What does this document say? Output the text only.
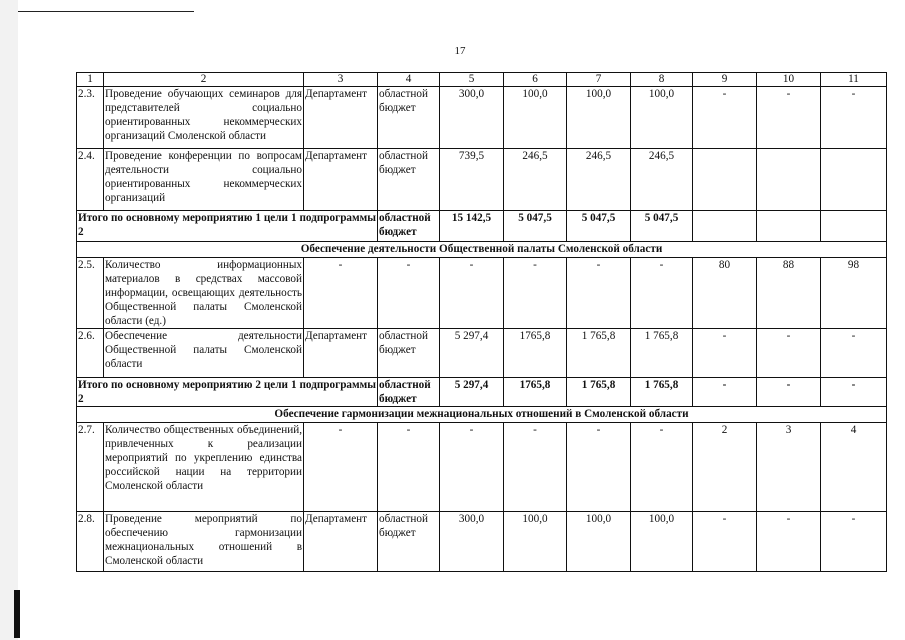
17
1	2	3	4	5	6	7	8	9	10	11
2.3.	Проведение обучающих семинаров для представителей социально ориентированных некоммерческих организаций Смоленской области	Департамент	областной бюджет	300,0	100,0	100,0	100,0	-	-	-
2.4.	Проведение конференции по вопросам деятельности социально ориентированных некоммерческих организаций	Департамент	областной бюджет	739,5	246,5	246,5	246,5			
Итого по основному мероприятию 1 цели 1 подпрограммы 2			областной бюджет	15 142,5	5 047,5	5 047,5	5 047,5			
Обеспечение деятельности Общественной палаты Смоленской области										
2.5.	Количество информационных материалов в средствах массовой информации, освещающих деятельность Общественной палаты Смоленской области (ед.)	-	-	-	-	-	-	80	88	98
2.6.	Обеспечение деятельности Общественной палаты Смоленской области	Департамент	областной бюджет	5 297,4	1765,8	1 765,8	1 765,8	-	-	-
Итого по основному мероприятию 2 цели 1 подпрограммы 2			областной бюджет	5 297,4	1765,8	1 765,8	1 765,8	-	-	-
Обеспечение гармонизации межнациональных отношений в Смоленской области										
2.7.	Количество общественных объединений, привлеченных к реализации мероприятий по укреплению единства российской нации на территории Смоленской области	-	-	-	-	-	-	2	3	4
2.8.	Проведение мероприятий по обеспечению гармонизации межнациональных отношений в Смоленской области	Департамент	областной бюджет	300,0	100,0	100,0	100,0	-	-	-
